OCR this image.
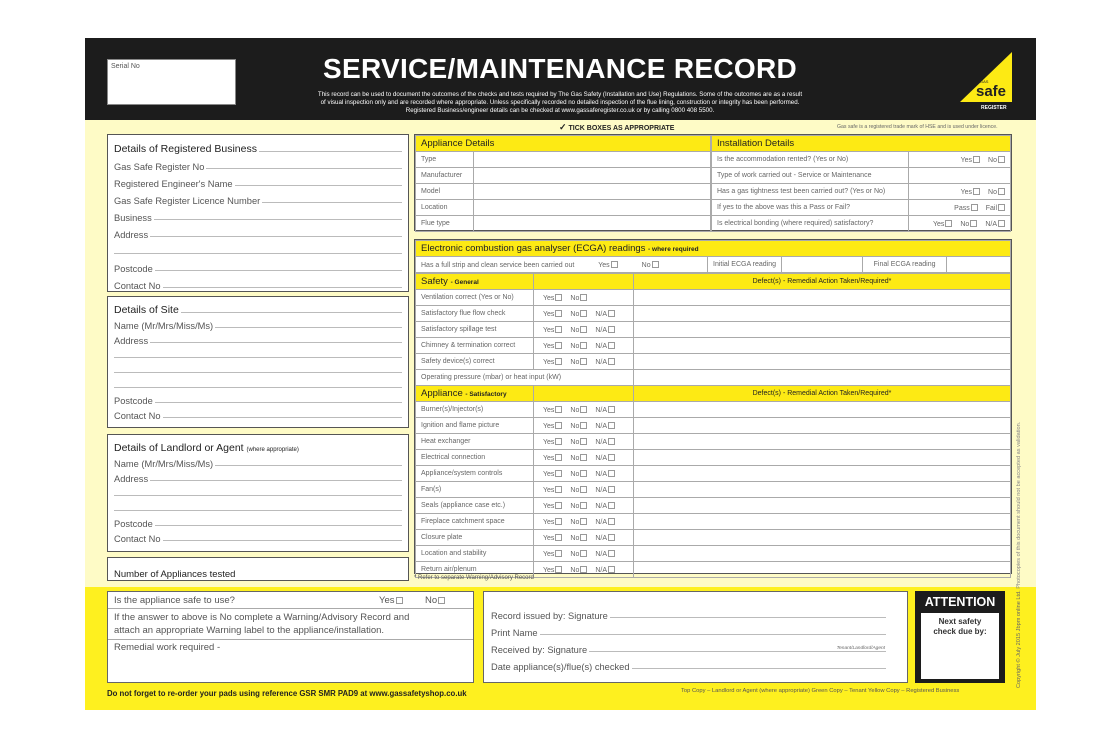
Serial No	SERVICE/MAINTENANCE RECORD
This record can be used to document the outcomes of the checks and tests required by The Gas Safety (Installation and Use) Regulations. Some of the outcomes are as a result
of visual inspection only and are recorded where appropriate. Unless specifically recorded no detailed inspection of the flue lining, construction or integrity has been performed.
Registered Business/engineer details can be checked at www.gassaferegister.co.uk or by calling 0800 408 5500.
GAS
safe
REGISTER
✓ TICK BOXES AS APPROPRIATE	Gas safe is a registered trade mark of HSE and is used under licence.
Details of Registered Business
Gas Safe Register No
Registered Engineer's Name
Gas Safe Register Licence Number
Business
Address
Postcode
Contact No
Details of Site
Name (Mr/Mrs/Miss/Ms)
Address
Postcode
Contact No
Details of Landlord or Agent (where appropriate)
Name (Mr/Mrs/Miss/Ms)
Address
Postcode
Contact No
Number of Appliances tested
Appliance Details	
Type	
Manufacturer	
Model	
Location	
Flue type	
Installation Details	
Is the accommodation rented? (Yes or No)	Yes No
Type of work carried out - Service or Maintenance	
Has a gas tightness test been carried out? (Yes or No)	Yes No
If yes to the above was this a Pass or Fail?	Pass Fail
Is electrical bonding (where required) satisfactory?	Yes No N/A
Electronic combustion gas analyser (ECGA) readings - where required
Has a full strip and clean service been carried out	Yes	No	Initial ECGA reading		Final ECGA reading	
Safety - General		Defect(s) - Remedial Action Taken/Required*
Ventilation correct (Yes or No)	Yes No	
Satisfactory flue flow check	Yes No N/A	
Satisfactory spillage test	Yes No N/A	
Chimney & termination correct	Yes No N/A	
Safety device(s) correct	Yes No N/A	
Operating pressure (mbar) or heat input (kW)		
Appliance - Satisfactory		Defect(s) - Remedial Action Taken/Required*
Burner(s)/Injector(s)	Yes No N/A	
Ignition and flame picture	Yes No N/A	
Heat exchanger	Yes No N/A	
Electrical connection	Yes No N/A	
Appliance/system controls	Yes No N/A	
Fan(s)	Yes No N/A	
Seals (appliance case etc.)	Yes No N/A	
Fireplace catchment space	Yes No N/A	
Closure plate	Yes No N/A	
Location and stability	Yes No N/A	
Return air/plenum	Yes No N/A	
* Refer to separate Warning/Advisory Record
Is the appliance safe to use?	Yes	No
If the answer to above is No complete a Warning/Advisory Record and
attach an appropriate Warning label to the appliance/installation.
Remedial work required -
Record issued by: Signature
Print Name
Received by: Signature	Tenant/Landlord/Agent
Date appliance(s)/flue(s) checked
ATTENTION
Next safety
check due by:
Do not forget to re-order your pads using reference GSR SMR PAD9 at www.gassafetyshop.co.uk	Top Copy – Landlord or Agent (where appropriate) Green Copy – Tenant Yellow Copy – Registered Business
Copyright © July 2015 Jbpm online Ltd. Photocopies of this document should not be accepted as validation.
